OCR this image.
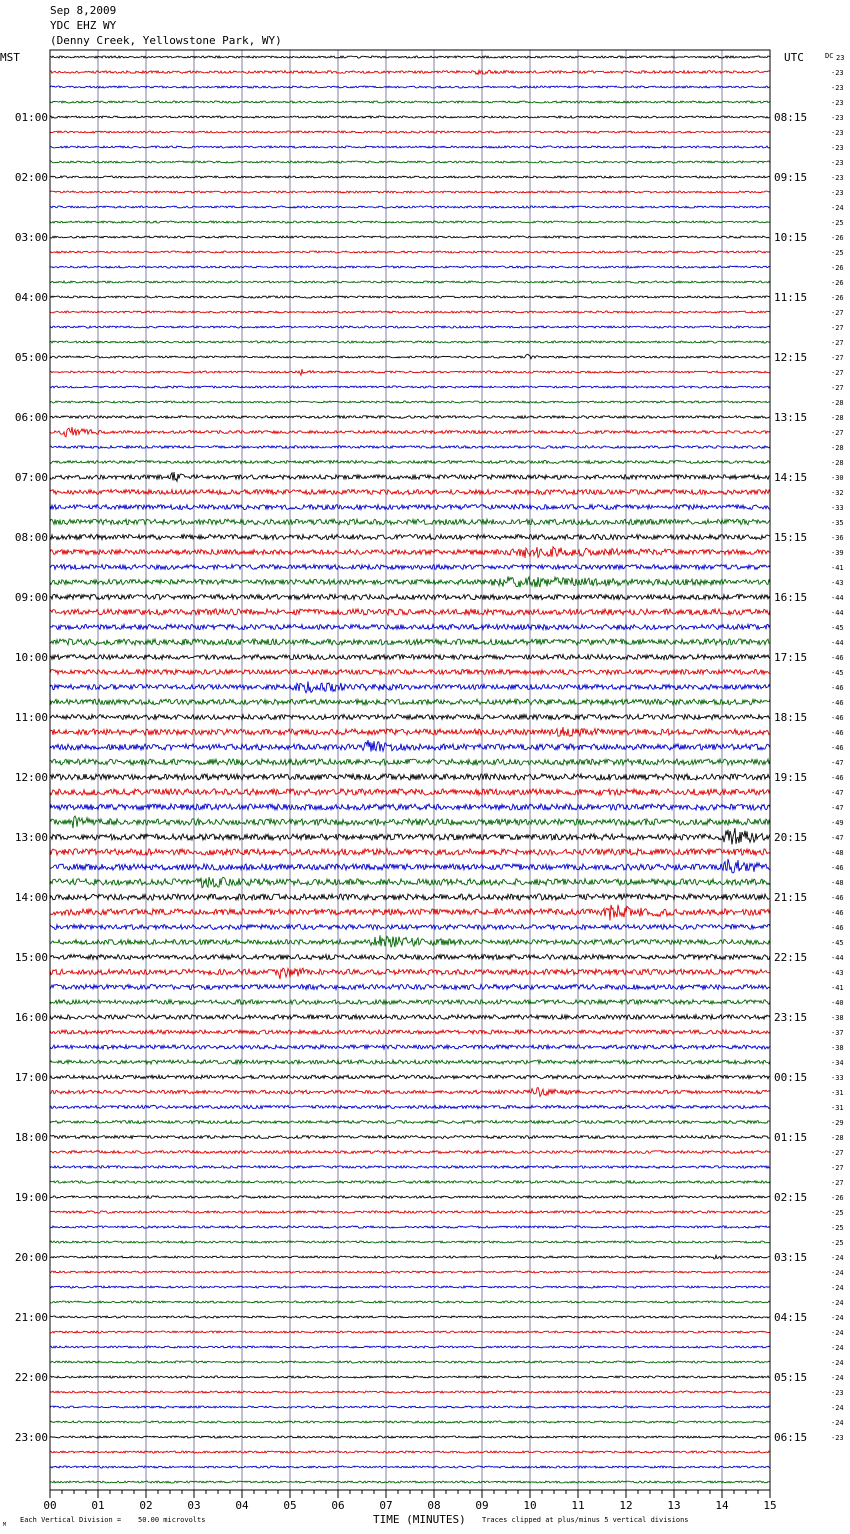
Sep 8,2009
YDC EHZ WY
(Denny Creek, Yellowstone Park, WY)
01:00
02:00
03:00
04:00
05:00
06:00
07:00
08:00
09:00
10:00
11:00
12:00
13:00
14:00
15:00
16:00
17:00
18:00
19:00
20:00
21:00
22:00
23:00
08:15
09:15
10:15
11:15
12:15
13:15
14:15
15:15
16:15
17:15
18:15
19:15
20:15
21:15
22:15
23:15
00:15
01:15
02:15
03:15
04:15
05:15
06:15
23
-23
-23
-23
-23
-23
-23
-23
-23
-23
-24
-25
-26
-25
-26
-26
-26
-27
-27
-27
-27
-27
-27
-28
-28
-27
-28
-28
-30
-32
-33
-35
-36
-39
-41
-43
-44
-44
-45
-44
-46
-45
-46
-46
-46
-46
-46
-47
-46
-47
-47
-49
-47
-48
-46
-48
-46
-46
-46
-45
-44
-43
-41
-40
-38
-37
-38
-34
-33
-31
-31
-29
-28
-27
-27
-27
-26
-25
-25
-25
-24
-24
-24
-24
-24
-24
-24
-24
-24
-23
-24
-24
-23
00	01	02	03	04	05	06	07	08	09	10	11	12	13	14	15
MST	UTC	DC
Each Vertical Division =    50.00 microvolts	TIME (MINUTES) Traces clipped at plus/minus 5 vertical divisions
M
